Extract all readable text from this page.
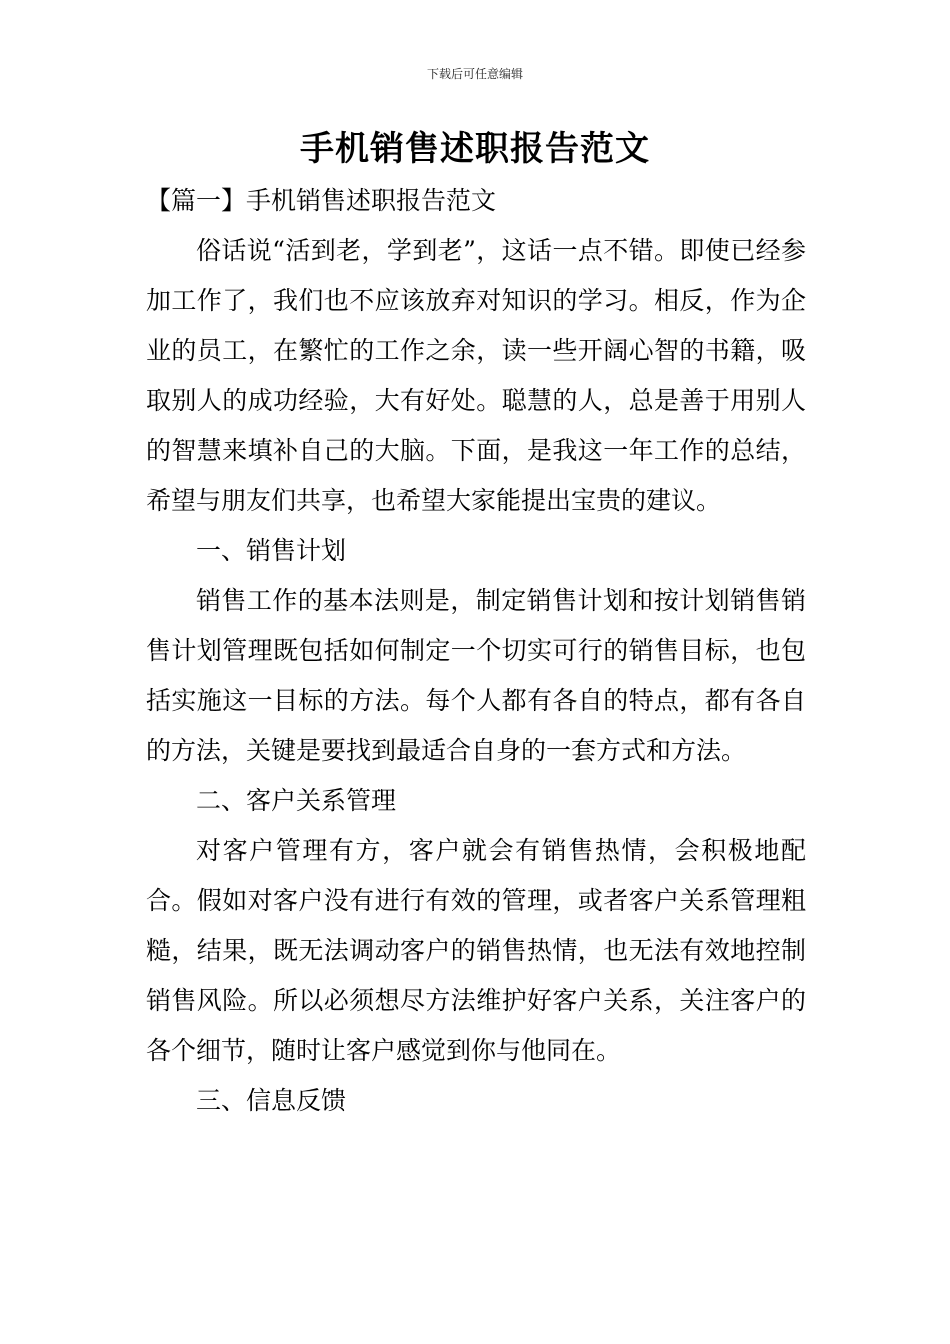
下载后可任意编辑
手机销售述职报告范文

【篇一】手机销售述职报告范文

俗话说“活到老，学到老”，这话一点不错。即使已经参加工作了，我们也不应该放弃对知识的学习。相反，作为企业的员工，在繁忙的工作之余，读一些开阔心智的书籍，吸取别人的成功经验，大有好处。聪慧的人，总是善于用别人的智慧来填补自己的大脑。下面，是我这一年工作的总结，希望与朋友们共享，也希望大家能提出宝贵的建议。

一、销售计划

销售工作的基本法则是，制定销售计划和按计划销售销售计划管理既包括如何制定一个切实可行的销售目标，也包括实施这一目标的方法。每个人都有各自的特点，都有各自的方法，关键是要找到最适合自身的一套方式和方法。

二、客户关系管理

对客户管理有方，客户就会有销售热情，会积极地配合。假如对客户没有进行有效的管理，或者客户关系管理粗糙，结果，既无法调动客户的销售热情，也无法有效地控制销售风险。所以必须想尽方法维护好客户关系，关注客户的各个细节，随时让客户感觉到你与他同在。

三、信息反馈
